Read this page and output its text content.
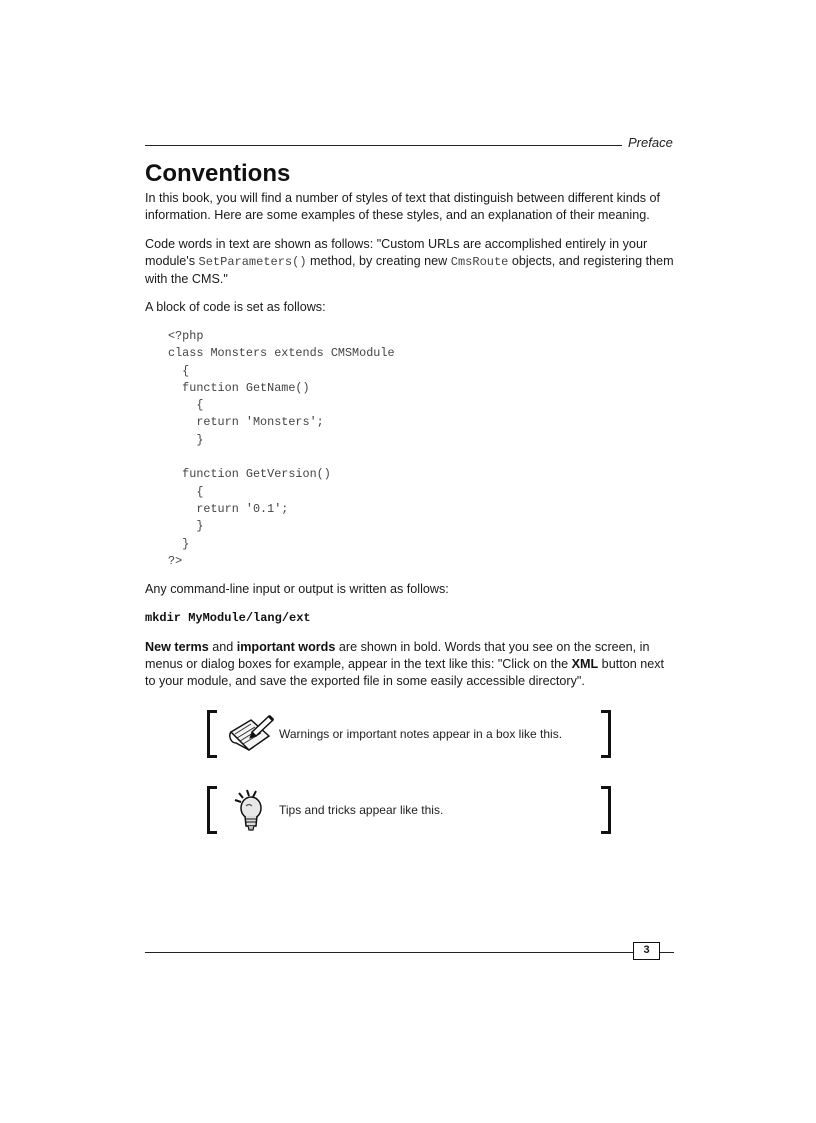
Preface
Conventions

In this book, you will find a number of styles of text that distinguish between different kinds of information. Here are some examples of these styles, and an explanation of their meaning.

Code words in text are shown as follows: "Custom URLs are accomplished entirely in your module's SetParameters() method, by creating new CmsRoute objects, and registering them with the CMS."

A block of code is set as follows:

<?php
class Monsters extends CMSModule
{
function GetName()
{
return 'Monsters';
}
function GetVersion()
{
return '0.1';
}
}
?>

Any command-line input or output is written as follows:

mkdir MyModule/lang/ext

New terms and important words are shown in bold. Words that you see on the screen, in menus or dialog boxes for example, appear in the text like this: "Click on the XML button next to your module, and save the exported file in some easily accessible directory".

Warnings or important notes appear in a box like this.
Tips and tricks appear like this.
3
